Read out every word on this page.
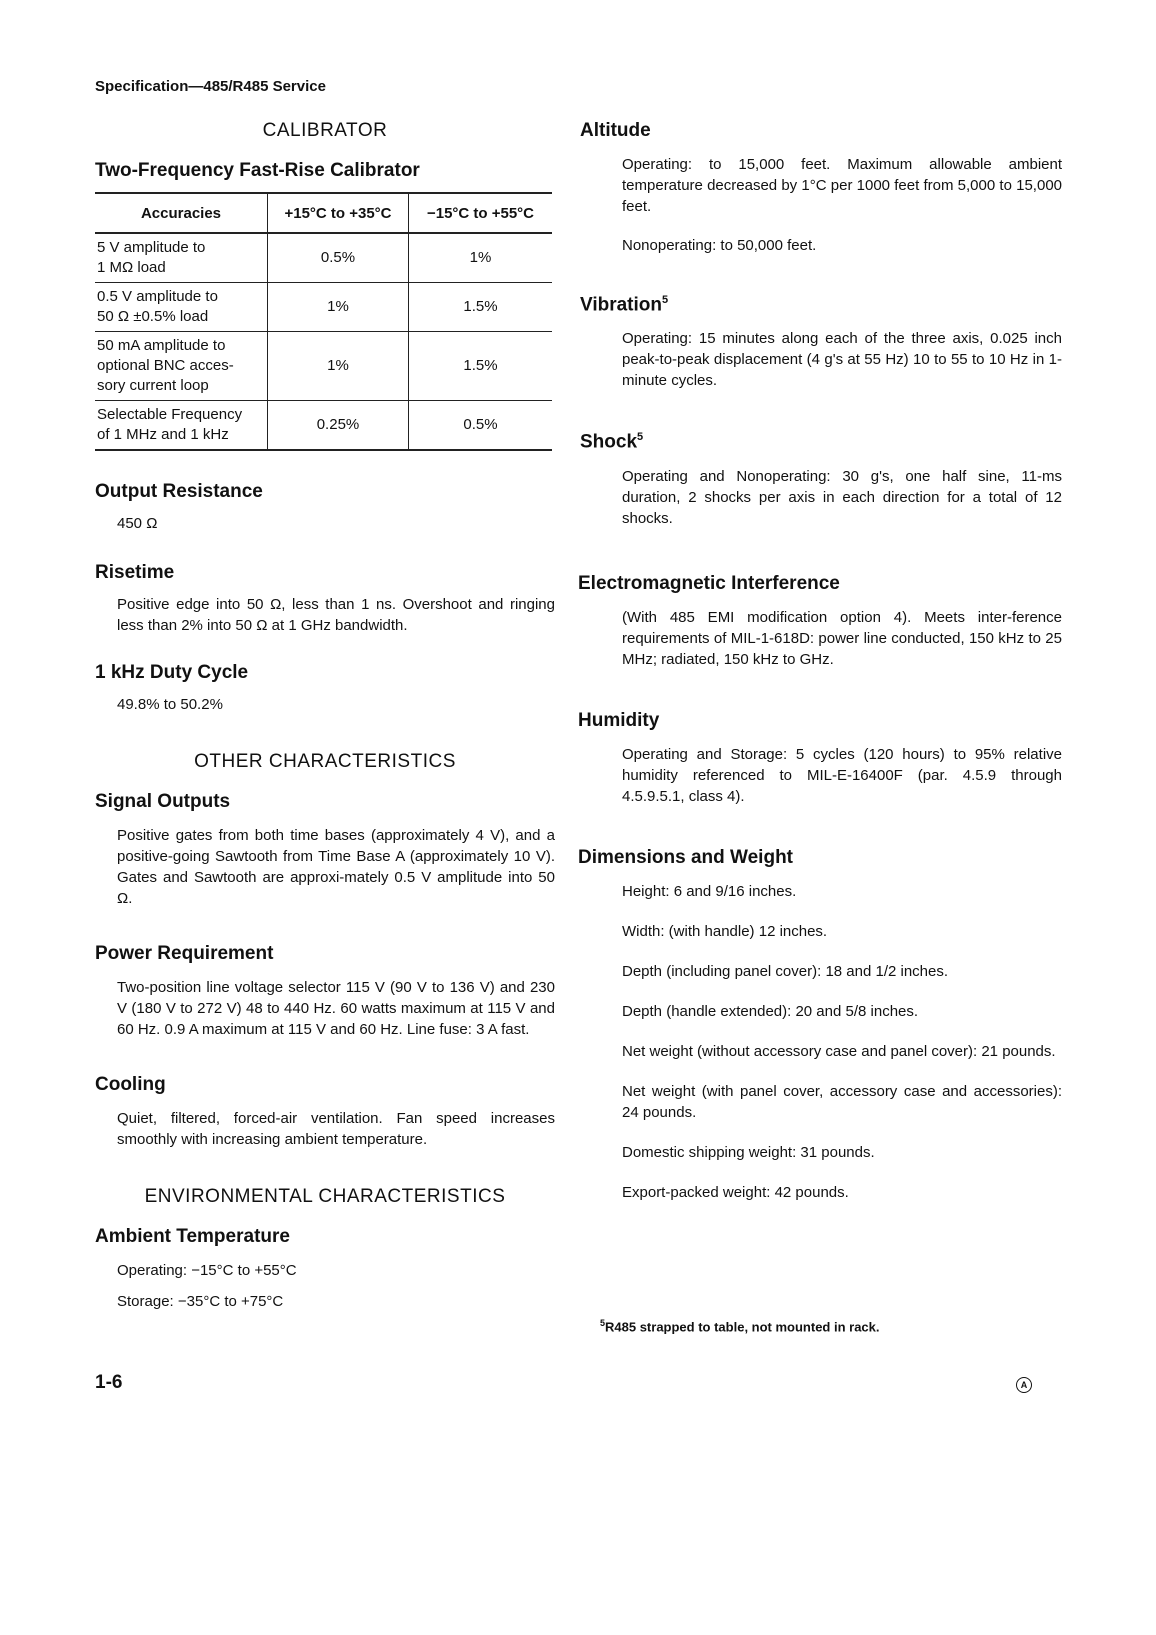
Specification—485/R485 Service
CALIBRATOR
Two-Frequency Fast-Rise Calibrator
Accuracies	+15°C to +35°C	−15°C to +55°C
5 V amplitude to
1 MΩ load	0.5%	1%
0.5 V amplitude to
50 Ω ±0.5% load	1%	1.5%
50 mA amplitude to
optional BNC acces-
sory current loop	1%	1.5%
Selectable Frequency
of 1 MHz and 1 kHz	0.25%	0.5%
Output Resistance

450 Ω

Risetime

Positive edge into 50 Ω, less than 1 ns. Overshoot and ringing less than 2% into 50 Ω at 1 GHz bandwidth.

1 kHz Duty Cycle

49.8% to 50.2%

OTHER CHARACTERISTICS
Signal Outputs

Positive gates from both time bases (approximately 4 V), and a positive-going Sawtooth from Time Base A (approximately 10 V). Gates and Sawtooth are approxi-mately 0.5 V amplitude into 50 Ω.

Power Requirement

Two-position line voltage selector 115 V (90 V to 136 V) and 230 V (180 V to 272 V) 48 to 440 Hz. 60 watts maximum at 115 V and 60 Hz. 0.9 A maximum at 115 V and 60 Hz. Line fuse: 3 A fast.

Cooling

Quiet, filtered, forced-air ventilation. Fan speed increases smoothly with increasing ambient temperature.

ENVIRONMENTAL CHARACTERISTICS
Ambient Temperature

Operating: −15°C to +55°C

Storage: −35°C to +75°C

Altitude

Operating: to 15,000 feet. Maximum allowable ambient temperature decreased by 1°C per 1000 feet from 5,000 to 15,000 feet.

Nonoperating: to 50,000 feet.

Vibration$^5$

Operating: 15 minutes along each of the three axis, 0.025 inch peak-to-peak displacement (4 g's at 55 Hz) 10 to 55 to 10 Hz in 1-minute cycles.

Shock$^5$

Operating and Nonoperating: 30 g's, one half sine, 11-ms duration, 2 shocks per axis in each direction for a total of 12 shocks.

Electromagnetic Interference

(With 485 EMI modification option 4). Meets inter-ference requirements of MIL-1-618D: power line conducted, 150 kHz to 25 MHz; radiated, 150 kHz to GHz.

Humidity

Operating and Storage: 5 cycles (120 hours) to 95% relative humidity referenced to MIL-E-16400F (par. 4.5.9 through 4.5.9.5.1, class 4).

Dimensions and Weight

Height: 6 and 9/16 inches.

Width: (with handle) 12 inches.

Depth (including panel cover): 18 and 1/2 inches.

Depth (handle extended): 20 and 5/8 inches.

Net weight (without accessory case and panel cover): 21 pounds.

Net weight (with panel cover, accessory case and accessories): 24 pounds.

Domestic shipping weight: 31 pounds.

Export-packed weight: 42 pounds.

$^5$R485 strapped to table, not mounted in rack.
1-6	A
